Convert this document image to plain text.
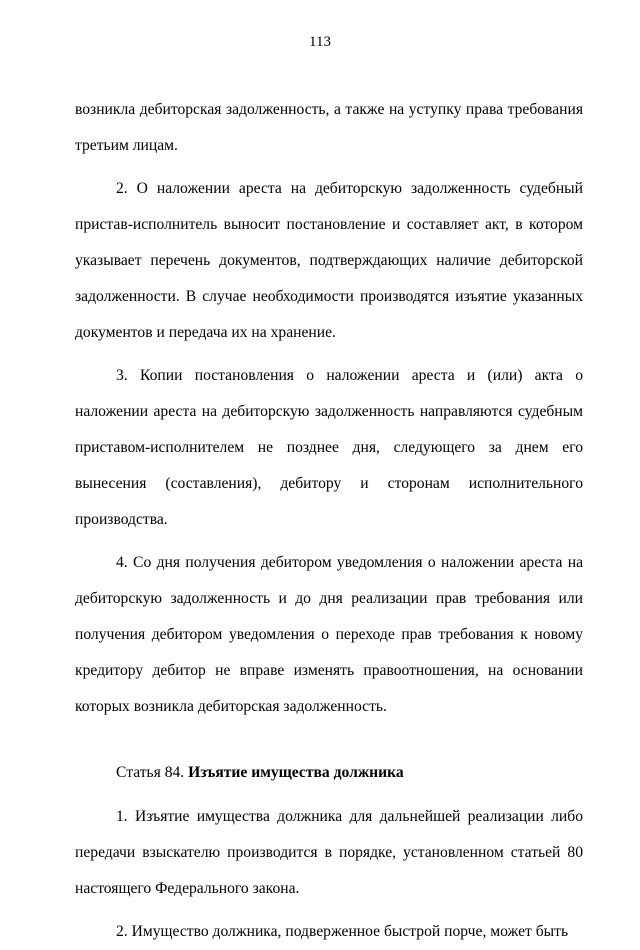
113

возникла дебиторская задолженность, а также на уступку права требования третьим лицам.

2. О наложении ареста на дебиторскую задолженность судебный пристав-исполнитель выносит постановление и составляет акт, в котором указывает перечень документов, подтверждающих наличие дебиторской задолженности. В случае необходимости производятся изъятие указанных документов и передача их на хранение.

3. Копии постановления о наложении ареста и (или) акта о наложении ареста на дебиторскую задолженность направляются судебным приставом-исполнителем не позднее дня, следующего за днем его вынесения (составления), дебитору и сторонам исполнительного производства.

4. Со дня получения дебитором уведомления о наложении ареста на дебиторскую задолженность и до дня реализации прав требования или получения дебитором уведомления о переходе прав требования к новому кредитору дебитор не вправе изменять правоотношения, на основании которых возникла дебиторская задолженность.

Статья 84. Изъятие имущества должника

1. Изъятие имущества должника для дальнейшей реализации либо передачи взыскателю производится в порядке, установленном статьей 80 настоящего Федерального закона.

2. Имущество должника, подверженное быстрой порче, может быть
